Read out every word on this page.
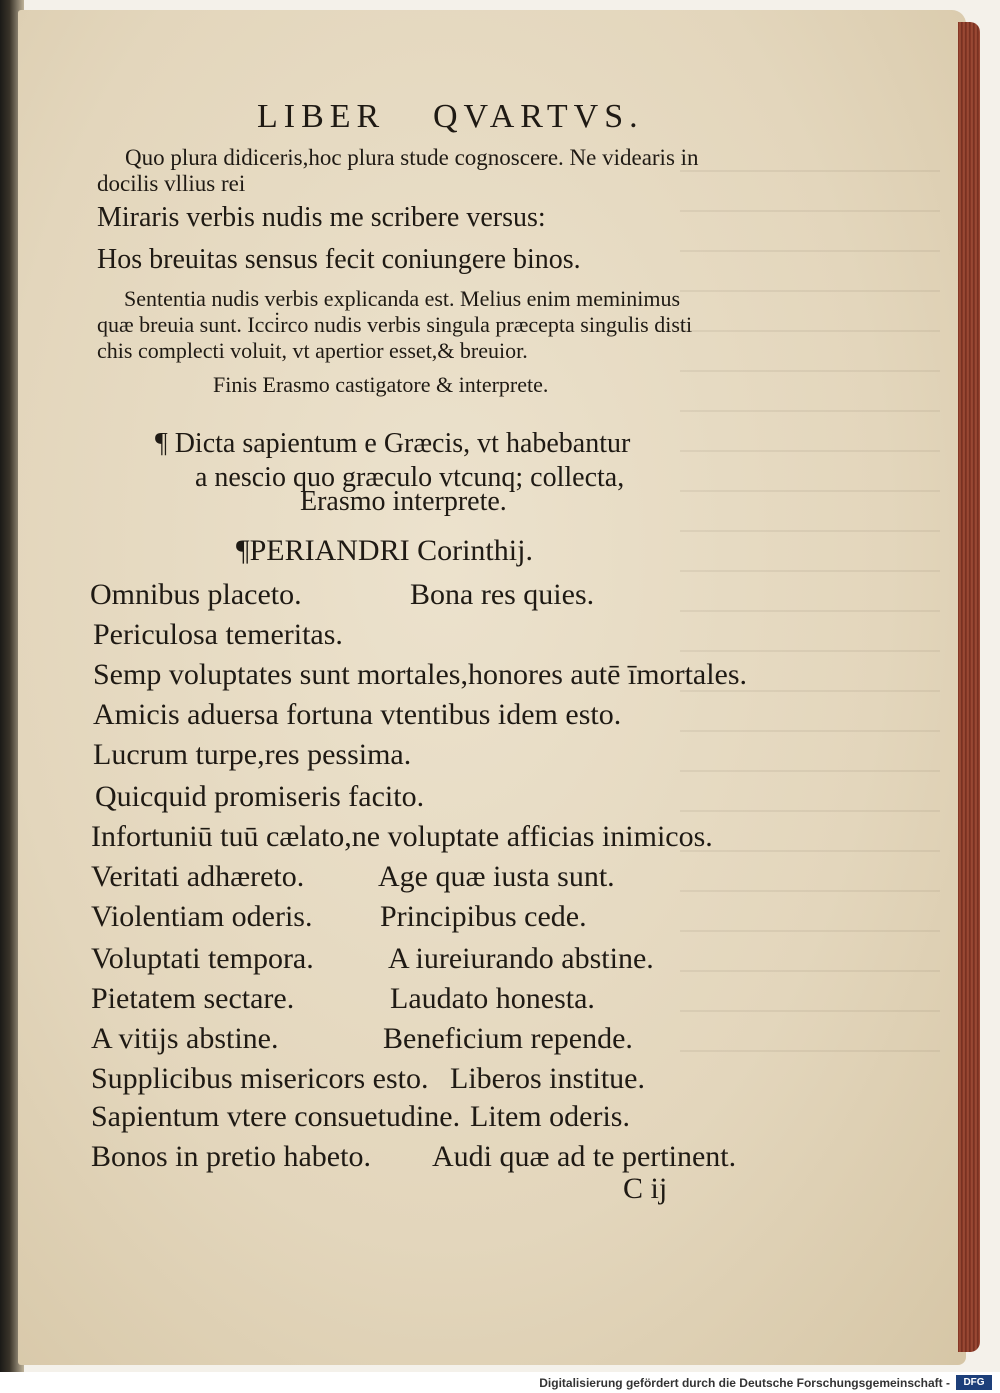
LIBER QVARTVS.

Quo plura didiceris,hoc plura stude cognoscere. Ne videaris in

docilis vllius rei

Miraris verbis nudis me scribere versus:

Hos breuitas sensus fecit coniungere binos.

Sententia nudis verbis explicanda est. Melius enim meminimus

quæ breuia sunt. Icci̇rco nudis verbis singula præcepta singulis disti

chis complecti voluit, vt apertior esset,& breuior.

Finis Erasmo castigatore & interprete.

¶ Dicta sapientum e Græcis, vt habebantur

a nescio quo græculo vtcunq; collecta,

Erasmo interprete.

¶PERIANDRI Corinthij.

Omnibus placeto.	Bona res quies.

Periculosa temeritas.

Semp voluptates sunt mortales,honores autē īmortales.

Amicis aduersa fortuna vtentibus idem esto.

Lucrum turpe,res pessima.

Quicquid promiseris facito.

Infortuniū tuū cælato,ne voluptate afficias inimicos.

Veritati adhæreto. Age quæ iusta sunt.

Violentiam oderis. Principibus cede.

Voluptati tempora. A iureiurando abstine.

Pietatem sectare.	Laudato honesta.

A vitijs abstine.	Beneficium repende.

Supplicibus misericors esto. Liberos institue.

Sapientum vtere consuetudine. Litem oderis.

Bonos in pretio habeto. Audi quæ ad te pertinent.

C ij

Digitalisierung gefördert durch die Deutsche Forschungsgemeinschaft -	DFG
